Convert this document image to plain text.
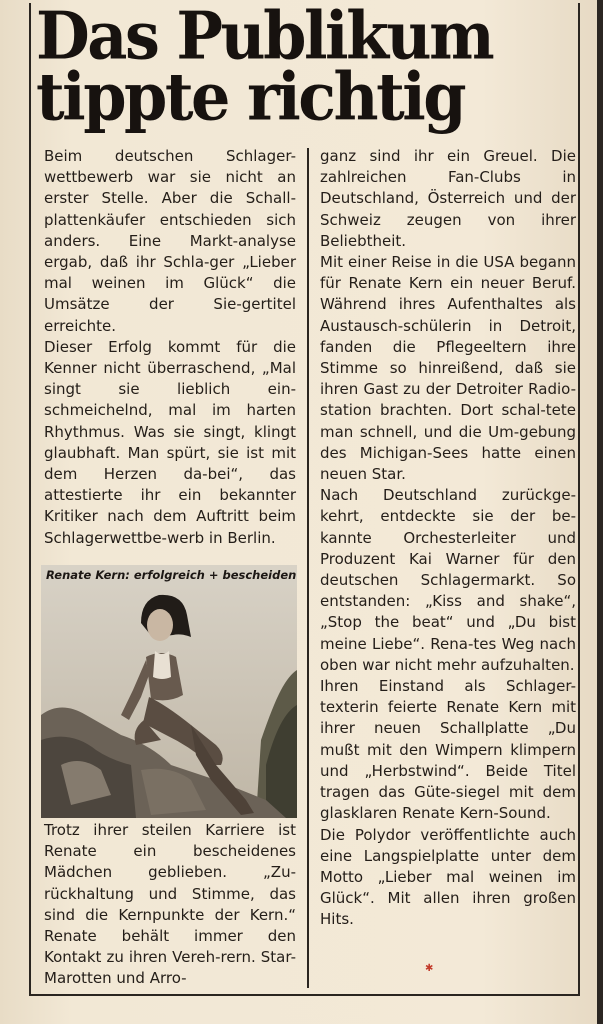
Das Publikum
tippte richtig

Beim deutschen Schlager-wettbewerb war sie nicht an erster Stelle. Aber die Schall-plattenkäufer entschieden sich anders. Eine Markt-analyse ergab, daß ihr Schla-ger „Lieber mal weinen im Glück“ die Umsätze der Sie-gertitel erreichte.

Dieser Erfolg kommt für die Kenner nicht überraschend, „Mal singt sie lieblich ein-schmeichelnd, mal im harten Rhythmus. Was sie singt, klingt glaubhaft. Man spürt, sie ist mit dem Herzen da-bei“, das attestierte ihr ein bekannter Kritiker nach dem Auftritt beim Schlagerwettbe-werb in Berlin.

Renate Kern: erfolgreich + bescheiden

Trotz ihrer steilen Karriere ist Renate ein bescheidenes Mädchen geblieben. „Zu-rückhaltung und Stimme, das sind die Kernpunkte der Kern.“ Renate behält immer den Kontakt zu ihren Vereh-rern. Star-Marotten und Arro-

ganz sind ihr ein Greuel. Die zahlreichen Fan-Clubs in Deutschland, Österreich und der Schweiz zeugen von ihrer Beliebtheit.

Mit einer Reise in die USA begann für Renate Kern ein neuer Beruf. Während ihres Aufenthaltes als Austausch-schülerin in Detroit, fanden die Pflegeeltern ihre Stimme so hinreißend, daß sie ihren Gast zu der Detroiter Radio-station brachten. Dort schal-tete man schnell, und die Um-gebung des Michigan-Sees hatte einen neuen Star.

Nach Deutschland zurückge-kehrt, entdeckte sie der be-kannte Orchesterleiter und Produzent Kai Warner für den deutschen Schlagermarkt. So entstanden: „Kiss and shake“, „Stop the beat“ und „Du bist meine Liebe“. Rena-tes Weg nach oben war nicht mehr aufzuhalten.

Ihren Einstand als Schlager-texterin feierte Renate Kern mit ihrer neuen Schallplatte „Du mußt mit den Wimpern klimpern und „Herbstwind“. Beide Titel tragen das Güte-siegel mit dem glasklaren Renate Kern-Sound.

Die Polydor veröffentlichte auch eine Langspielplatte unter dem Motto „Lieber mal weinen im Glück“. Mit allen ihren großen Hits.

✱
